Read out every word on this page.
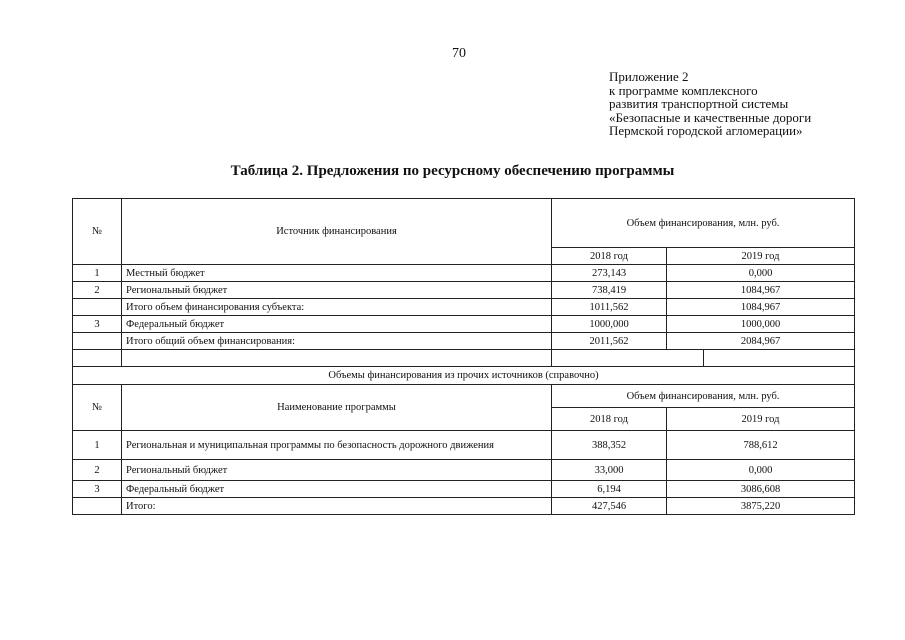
70
Приложение 2
к программе комплексного
развития транспортной системы
«Безопасные и качественные дороги
Пермской городской агломерации»
Таблица 2. Предложения по ресурсному обеспечению программы
№	Источник финансирования	Объем финансирования, млн. руб.		
		2018 год	2019 год	
1	Местный бюджет	273,143	0,000	
2	Региональный бюджет	738,419	1084,967	
	Итого объем финансирования субъекта:	1011,562	1084,967	
3	Федеральный бюджет	1000,000	1000,000	
	Итого общий объем финансирования:	2011,562	2084,967	

Объемы финансирования из прочих источников (справочно)				
№	Наименование программы	Объем финансирования, млн. руб.		
		2018 год	2019 год	
1	Региональная и муниципальная программы по безопасность дорожного движения	388,352	788,612	
2	Региональный бюджет	33,000	0,000	
3	Федеральный бюджет	6,194	3086,608	
	Итого:	427,546	3875,220	
